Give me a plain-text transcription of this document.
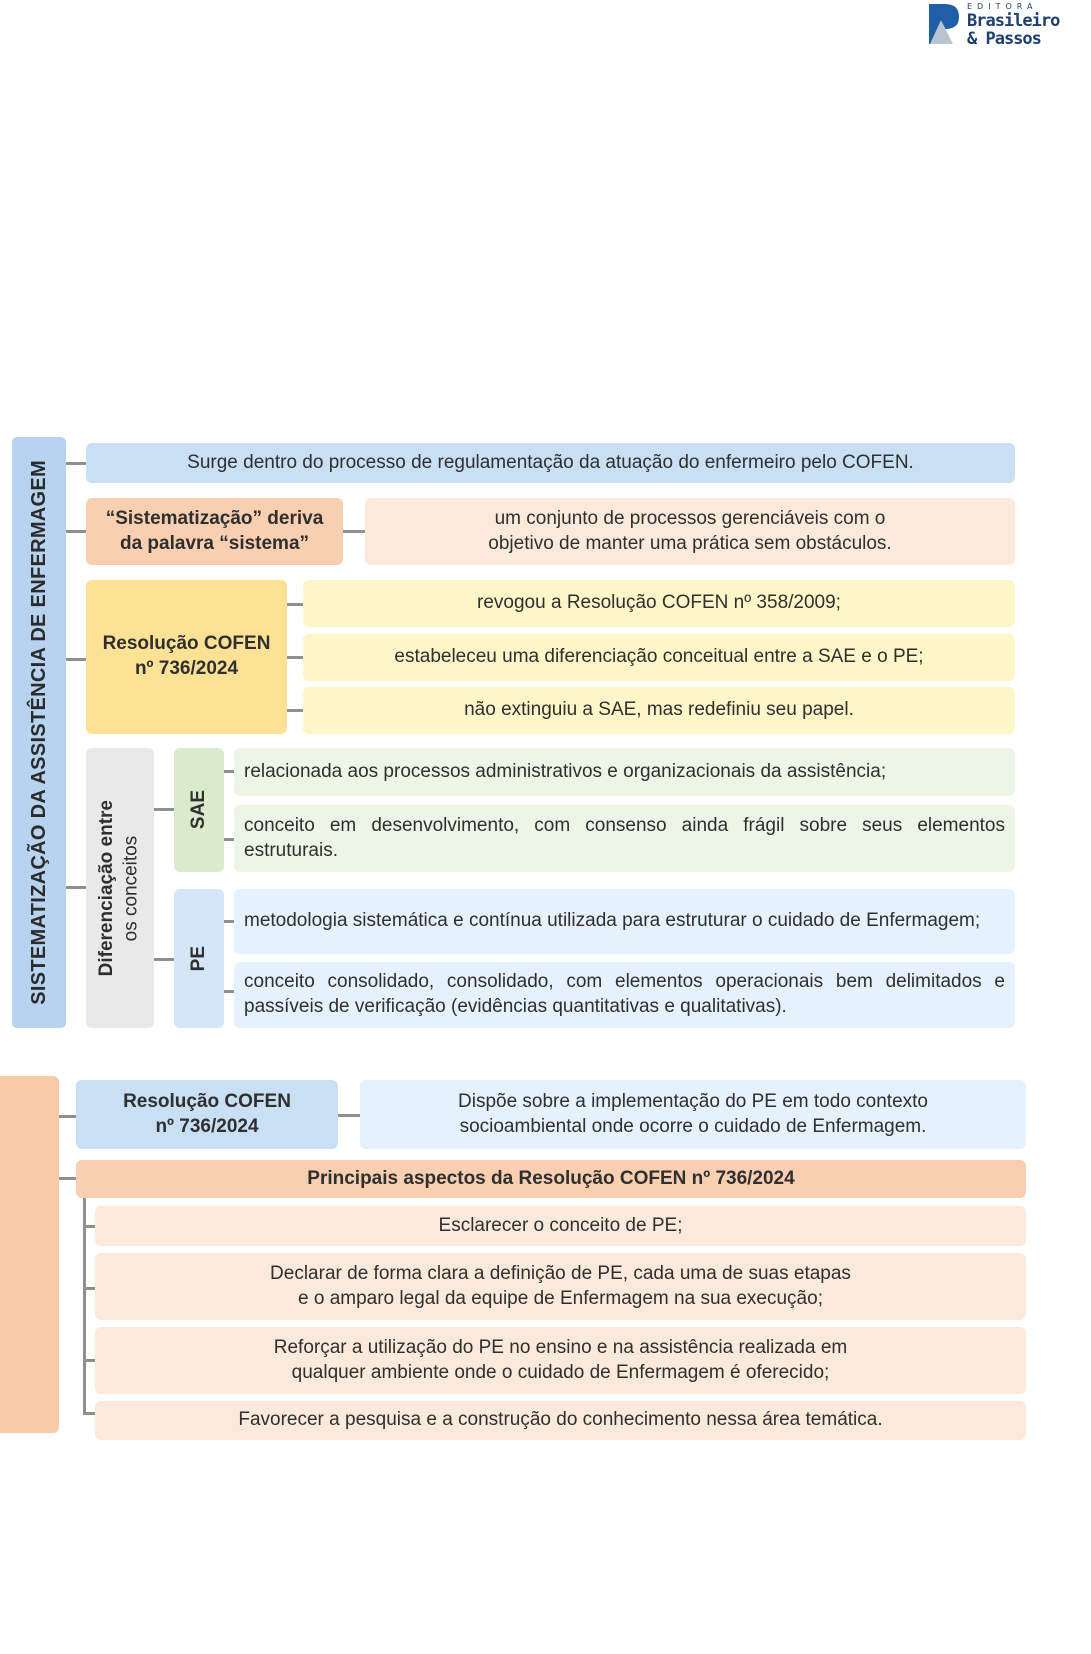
EDITORA
Brasileiro
& Passos
SISTEMATIZAÇÃO DA ASSISTÊNCIA DE ENFERMAGEM	Surge dentro do processo de regulamentação da atuação do enfermeiro pelo COFEN.
“Sistematização” deriva
da palavra “sistema”
um conjunto de processos gerenciáveis com o
objetivo de manter uma prática sem obstáculos.
Resolução COFEN
nº 736/2024
revogou a Resolução COFEN nº 358/2009;
estabeleceu uma diferenciação conceitual entre a SAE e o PE;
não extinguiu a SAE, mas redefiniu seu papel.
Diferenciação entre os conceitos
SAE
relacionada aos processos administrativos e organizacionais da assistência;
conceito em desenvolvimento, com consenso ainda frágil sobre seus elementos estruturais.
PE
metodologia sistemática e contínua utilizada para estruturar o cuidado de Enfermagem;
conceito consolidado, consolidado, com elementos operacionais bem delimitados e passíveis de verificação (evidências quantitativas e qualitativas).
Resolução COFEN
nº 736/2024
Dispõe sobre a implementação do PE em todo contexto
socioambiental onde ocorre o cuidado de Enfermagem.
Principais aspectos da Resolução COFEN nº 736/2024
Esclarecer o conceito de PE;
Declarar de forma clara a definição de PE, cada uma de suas etapas
e o amparo legal da equipe de Enfermagem na sua execução;
Reforçar a utilização do PE no ensino e na assistência realizada em
qualquer ambiente onde o cuidado de Enfermagem é oferecido;
Favorecer a pesquisa e a construção do conhecimento nessa área temática.
